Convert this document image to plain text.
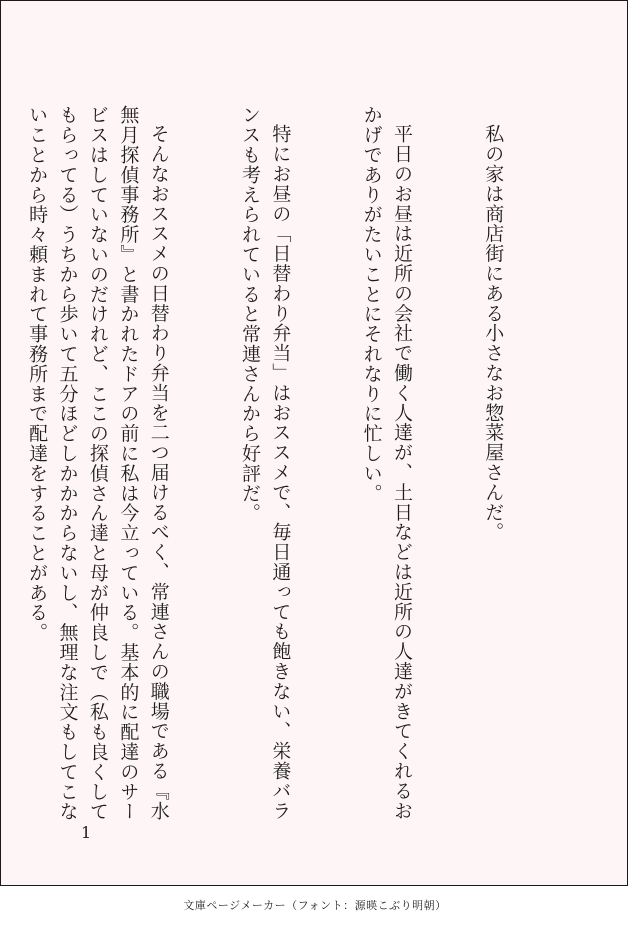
私の家は商店街にある小さなお惣菜屋さんだ。

平日のお昼は近所の会社で働く人達が、土日などは近所の人達がきてくれるおかげでありがたいことにそれなりに忙しい。

特にお昼の「日替わり弁当」はおススメで、毎日通っても飽きない、栄養バランスも考えられていると常連さんから好評だ。

そんなおススメの日替わり弁当を二つ届けるべく、常連さんの職場である『水無月探偵事務所』と書かれたドアの前に私は今立っている。基本的に配達のサービスはしていないのだけれど、ここの探偵さん達と母が仲良しで（私も良くしてもらってる）うちから歩いて五分ほどしかかからないし、無理な注文もしてこないことから時々頼まれて事務所まで配達をすることがある。

1
文庫ページメーカー（フォント：源暎こぶり明朝）
